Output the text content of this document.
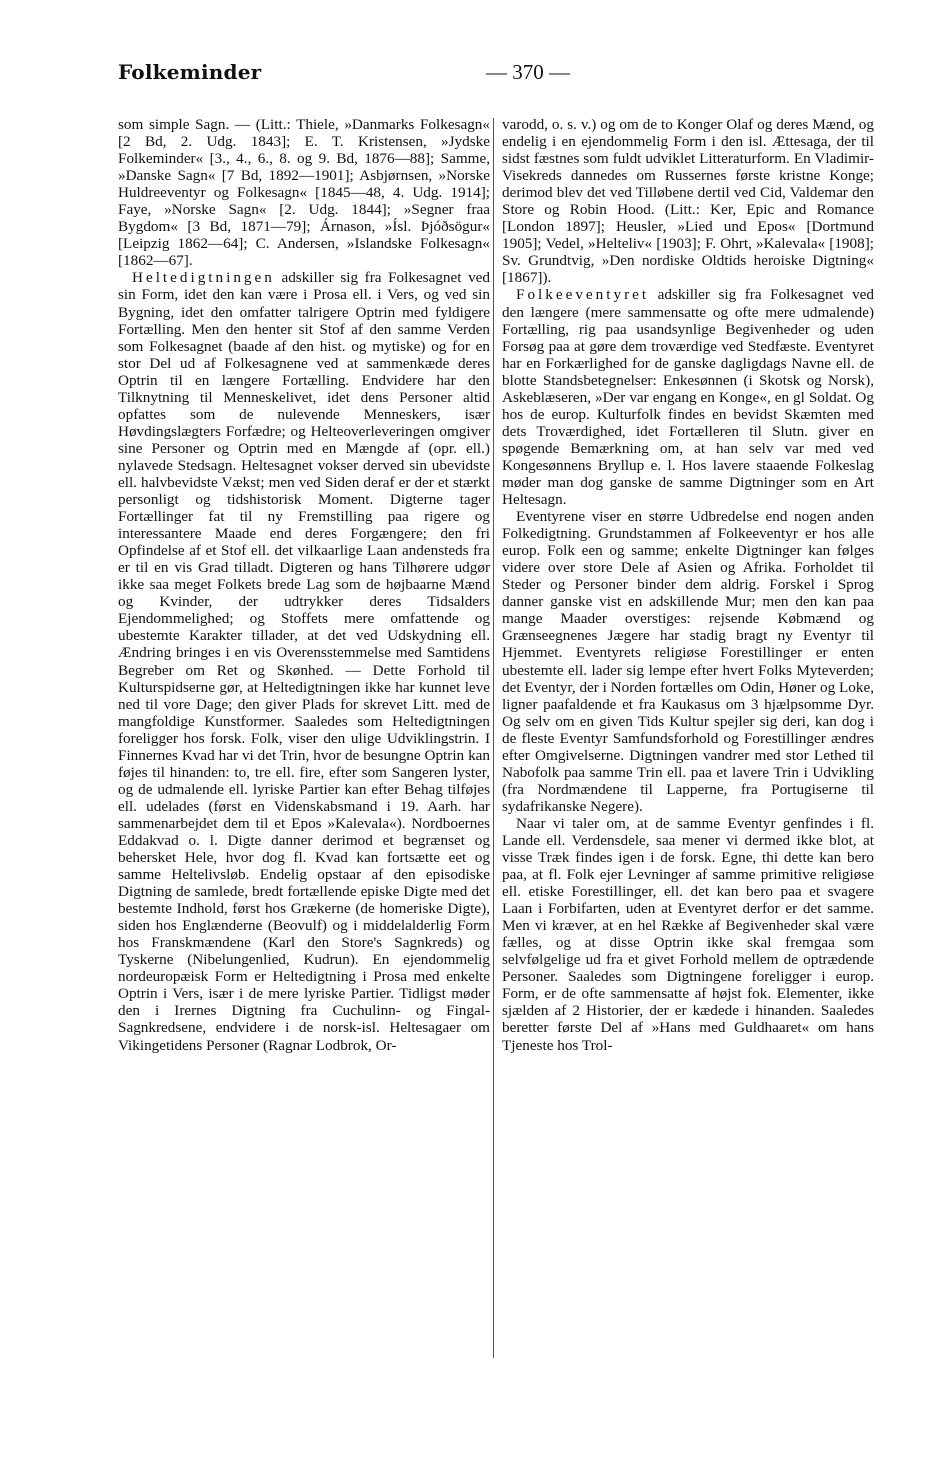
Folkeminder	— 370 —

som simple Sagn. — (Litt.: Thiele, »Danmarks Folkesagn« [2 Bd, 2. Udg. 1843]; E. T. Kristensen, »Jydske Folkeminder« [3., 4., 6., 8. og 9. Bd, 1876—88]; Samme, »Danske Sagn« [7 Bd, 1892—1901]; Asbjørnsen, »Norske Huldreeventyr og Folkesagn« [1845—48, 4. Udg. 1914]; Faye, »Norske Sagn« [2. Udg. 1844]; »Segner fraa Bygdom« [3 Bd, 1871—79]; Árnason, »Ísl. Þjóðsögur« [Leipzig 1862—64]; C. Andersen, »Islandske Folkesagn« [1862—67].

Heltedigtningen adskiller sig fra Folkesagnet ved sin Form, idet den kan være i Prosa ell. i Vers, og ved sin Bygning, idet den omfatter talrigere Optrin med fyldigere Fortælling. Men den henter sit Stof af den samme Verden som Folkesagnet (baade af den hist. og mytiske) og for en stor Del ud af Folkesagnene ved at sammenkæde deres Optrin til en længere Fortælling. Endvidere har den Tilknytning til Menneskelivet, idet dens Personer altid opfattes som de nulevende Menneskers, især Høvdingslægters Forfædre; og Helteoverleveringen omgiver sine Personer og Optrin med en Mængde af (opr. ell.) nylavede Stedsagn. Heltesagnet vokser derved sin ubevidste ell. halvbevidste Vækst; men ved Siden deraf er der et stærkt personligt og tidshistorisk Moment. Digterne tager Fortællinger fat til ny Fremstilling paa rigere og interessantere Maade end deres Forgængere; den fri Opfindelse af et Stof ell. det vilkaarlige Laan andensteds fra er til en vis Grad tilladt. Digteren og hans Tilhørere udgør ikke saa meget Folkets brede Lag som de højbaarne Mænd og Kvinder, der udtrykker deres Tidsalders Ejendommelighed; og Stoffets mere omfattende og ubestemte Karakter tillader, at det ved Udskydning ell. Ændring bringes i en vis Overensstemmelse med Samtidens Begreber om Ret og Skønhed. — Dette Forhold til Kulturspidserne gør, at Heltedigtningen ikke har kunnet leve ned til vore Dage; den giver Plads for skrevet Litt. med de mangfoldige Kunstformer. Saaledes som Heltedigtningen foreligger hos forsk. Folk, viser den ulige Udviklingstrin. I Finnernes Kvad har vi det Trin, hvor de besungne Optrin kan føjes til hinanden: to, tre ell. fire, efter som Sangeren lyster, og de udmalende ell. lyriske Partier kan efter Behag tilføjes ell. udelades (først en Videnskabsmand i 19. Aarh. har sammenarbejdet dem til et Epos »Kalevala«). Nordboernes Eddakvad o. l. Digte danner derimod et begrænset og behersket Hele, hvor dog fl. Kvad kan fortsætte eet og samme Heltelivsløb. Endelig opstaar af den episodiske Digtning de samlede, bredt fortællende episke Digte med det bestemte Indhold, først hos Grækerne (de homeriske Digte), siden hos Englænderne (Beovulf) og i middelalderlig Form hos Franskmændene (Karl den Store's Sagnkreds) og Tyskerne (Nibelungenlied, Kudrun). En ejendommelig nordeuropæisk Form er Heltedigtning i Prosa med enkelte Optrin i Vers, især i de mere lyriske Partier. Tidligst møder den i Irernes Digtning fra Cuchulinn- og Fingal-Sagnkredsene, endvidere i de norsk-isl. Heltesagaer om Vikingetidens Personer (Ragnar Lodbrok, Or-

varodd, o. s. v.) og om de to Konger Olaf og deres Mænd, og endelig i en ejendommelig Form i den isl. Ættesaga, der til sidst fæstnes som fuldt udviklet Litteraturform. En Vladimir-Visekreds dannedes om Russernes første kristne Konge; derimod blev det ved Tilløbene dertil ved Cid, Valdemar den Store og Robin Hood. (Litt.: Ker, Epic and Romance [London 1897]; Heusler, »Lied und Epos« [Dortmund 1905]; Vedel, »Helteliv« [1903]; F. Ohrt, »Kalevala« [1908]; Sv. Grundtvig, »Den nordiske Oldtids heroiske Digtning« [1867]).

Folkeeventyret adskiller sig fra Folkesagnet ved den længere (mere sammensatte og ofte mere udmalende) Fortælling, rig paa usandsynlige Begivenheder og uden Forsøg paa at gøre dem troværdige ved Stedfæste. Eventyret har en Forkærlighed for de ganske dagligdags Navne ell. de blotte Standsbetegnelser: Enkesønnen (i Skotsk og Norsk), Askeblæseren, »Der var engang en Konge«, en gl Soldat. Og hos de europ. Kulturfolk findes en bevidst Skæmten med dets Troværdighed, idet Fortælleren til Slutn. giver en spøgende Bemærkning om, at han selv var med ved Kongesønnens Bryllup e. l. Hos lavere staaende Folkeslag møder man dog ganske de samme Digtninger som en Art Heltesagn.

Eventyrene viser en større Udbredelse end nogen anden Folkedigtning. Grundstammen af Folkeeventyr er hos alle europ. Folk een og samme; enkelte Digtninger kan følges videre over store Dele af Asien og Afrika. Forholdet til Steder og Personer binder dem aldrig. Forskel i Sprog danner ganske vist en adskillende Mur; men den kan paa mange Maader overstiges: rejsende Købmænd og Grænseegnenes Jægere har stadig bragt ny Eventyr til Hjemmet. Eventyrets religiøse Forestillinger er enten ubestemte ell. lader sig lempe efter hvert Folks Myteverden; det Eventyr, der i Norden fortælles om Odin, Høner og Loke, ligner paafaldende et fra Kaukasus om 3 hjælpsomme Dyr. Og selv om en given Tids Kultur spejler sig deri, kan dog i de fleste Eventyr Samfundsforhold og Forestillinger ændres efter Omgivelserne. Digtningen vandrer med stor Lethed til Nabofolk paa samme Trin ell. paa et lavere Trin i Udvikling (fra Nordmændene til Lapperne, fra Portugiserne til sydafrikanske Negere).

Naar vi taler om, at de samme Eventyr genfindes i fl. Lande ell. Verdensdele, saa mener vi dermed ikke blot, at visse Træk findes igen i de forsk. Egne, thi dette kan bero paa, at fl. Folk ejer Levninger af samme primitive religiøse ell. etiske Forestillinger, ell. det kan bero paa et svagere Laan i Forbifarten, uden at Eventyret derfor er det samme. Men vi kræver, at en hel Række af Begivenheder skal være fælles, og at disse Optrin ikke skal fremgaa som selvfølgelige ud fra et givet Forhold mellem de optrædende Personer. Saaledes som Digtningene foreligger i europ. Form, er de ofte sammensatte af højst fok. Elementer, ikke sjælden af 2 Historier, der er kædede i hinanden. Saaledes beretter første Del af »Hans med Guldhaaret« om hans Tjeneste hos Trol-
